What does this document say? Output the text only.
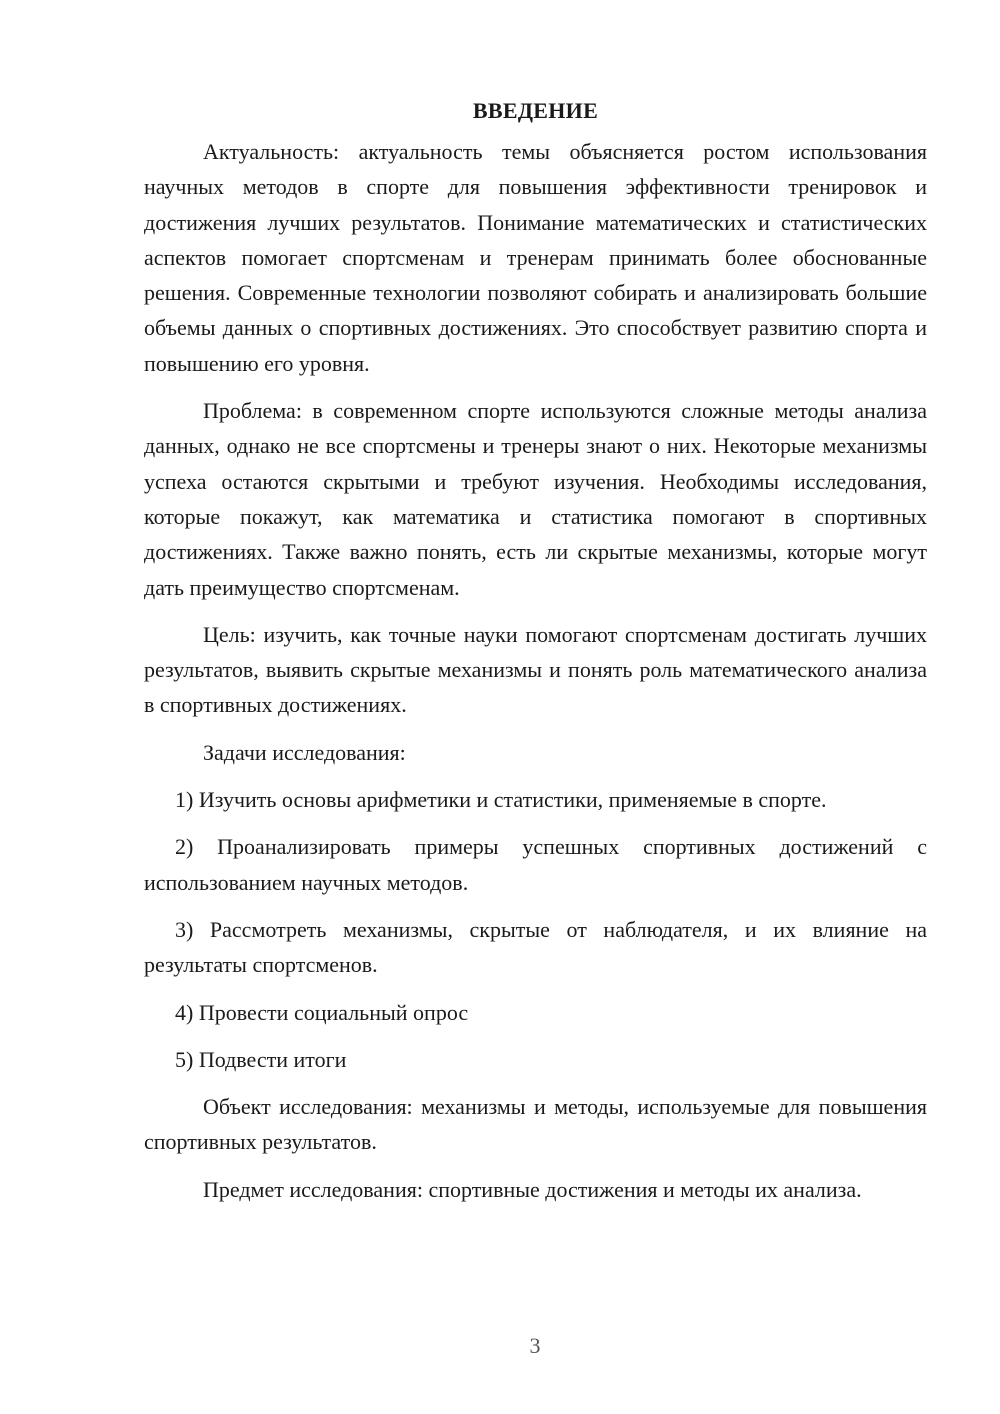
ВВЕДЕНИЕ

Актуальность: актуальность темы объясняется ростом использования научных методов в спорте для повышения эффективности тренировок и достижения лучших результатов. Понимание математических и статистических аспектов помогает спортсменам и тренерам принимать более обоснованные решения. Современные технологии позволяют собирать и анализировать большие объемы данных о спортивных достижениях. Это способствует развитию спорта и повышению его уровня.

Проблема: в современном спорте используются сложные методы анализа данных, однако не все спортсмены и тренеры знают о них. Некоторые механизмы успеха остаются скрытыми и требуют изучения. Необходимы исследования, которые покажут, как математика и статистика помогают в спортивных достижениях. Также важно понять, есть ли скрытые механизмы, которые могут дать преимущество спортсменам.

Цель: изучить, как точные науки помогают спортсменам достигать лучших результатов, выявить скрытые механизмы и понять роль математического анализа в спортивных достижениях.

Задачи исследования:

1) Изучить основы арифметики и статистики, применяемые в спорте.

2) Проанализировать примеры успешных спортивных достижений с использованием научных методов.

3) Рассмотреть механизмы, скрытые от наблюдателя, и их влияние на результаты спортсменов.

4) Провести социальный опрос

5) Подвести итоги

Объект исследования: механизмы и методы, используемые для повышения спортивных результатов.

Предмет исследования: спортивные достижения и методы их анализа.

3
